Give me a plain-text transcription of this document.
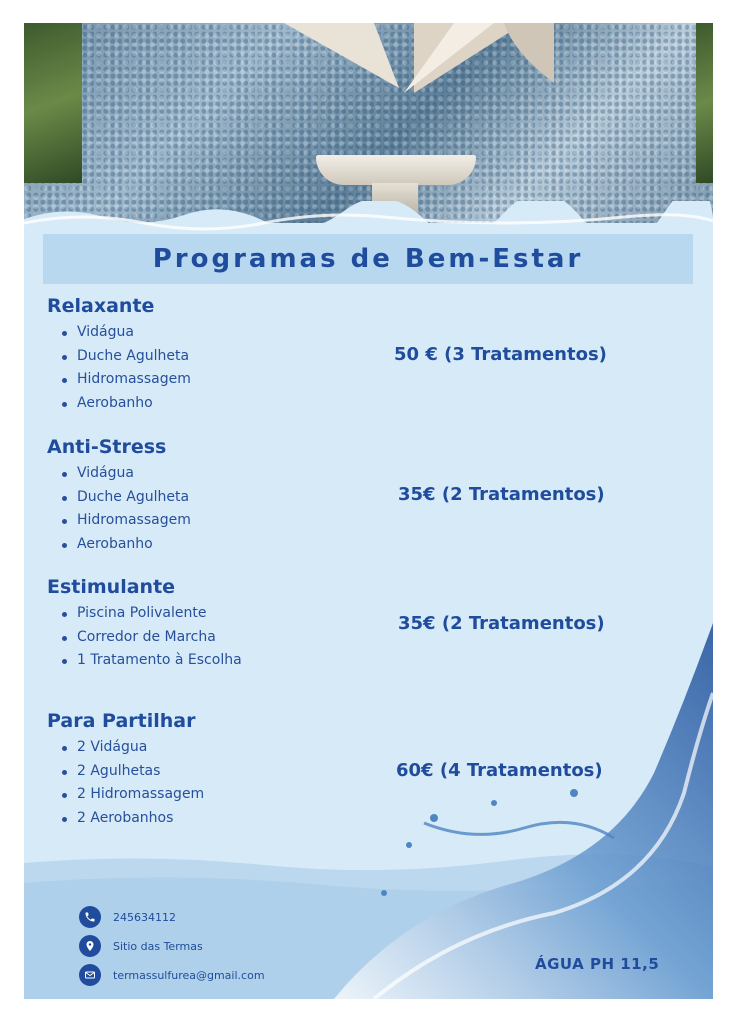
Programas de Bem-Estar
Relaxante
Vidágua
Duche Agulheta
Hidromassagem
Aerobanho
50 € (3 Tratamentos)
Anti-Stress
Vidágua
Duche Agulheta
Hidromassagem
Aerobanho
35€ (2 Tratamentos)
Estimulante
Piscina Polivalente
Corredor de Marcha
1 Tratamento à Escolha
35€ (2 Tratamentos)
Para Partilhar
2 Vidágua
2 Agulhetas
2 Hidromassagem
2 Aerobanhos
60€ (4 Tratamentos)
245634112
Sitio das Termas
termassulfurea@gmail.com
ÁGUA PH 11,5
